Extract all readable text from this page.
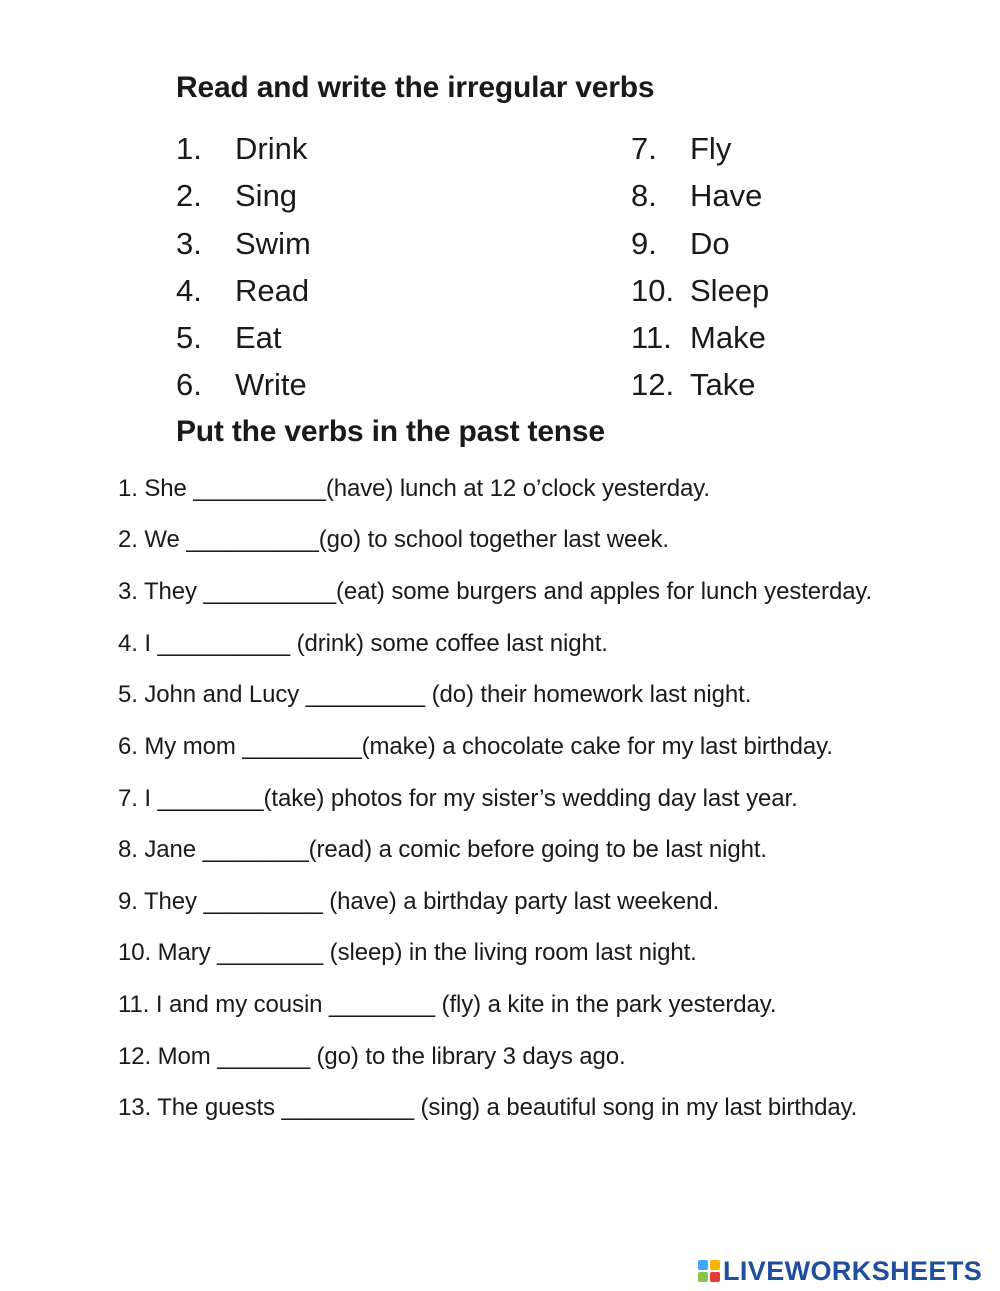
Read and write the irregular verbs
1. Drink
2. Sing
3. Swim
4. Read
5. Eat
6. Write
7. Fly
8. Have
9. Do
10. Sleep
11. Make
12. Take
Put the verbs in the past tense
1. She __________(have) lunch at 12 o’clock yesterday.
2. We __________(go) to school together last week.
3. They __________(eat) some burgers and apples for lunch yesterday.
4. I __________ (drink) some coffee last night.
5. John and Lucy _________ (do) their homework last night.
6. My mom _________(make) a chocolate cake for my last birthday.
7. I ________(take) photos for my sister’s wedding day last year.
8. Jane ________(read) a comic before going to be last night.
9. They _________ (have) a birthday party last weekend.
10. Mary ________ (sleep) in the living room last night.
11. I and my cousin ________ (fly) a kite in the park yesterday.
12. Mom _______ (go) to the library 3 days ago.
13. The guests __________ (sing) a beautiful song in my last birthday.
LIVEWORKSHEETS
